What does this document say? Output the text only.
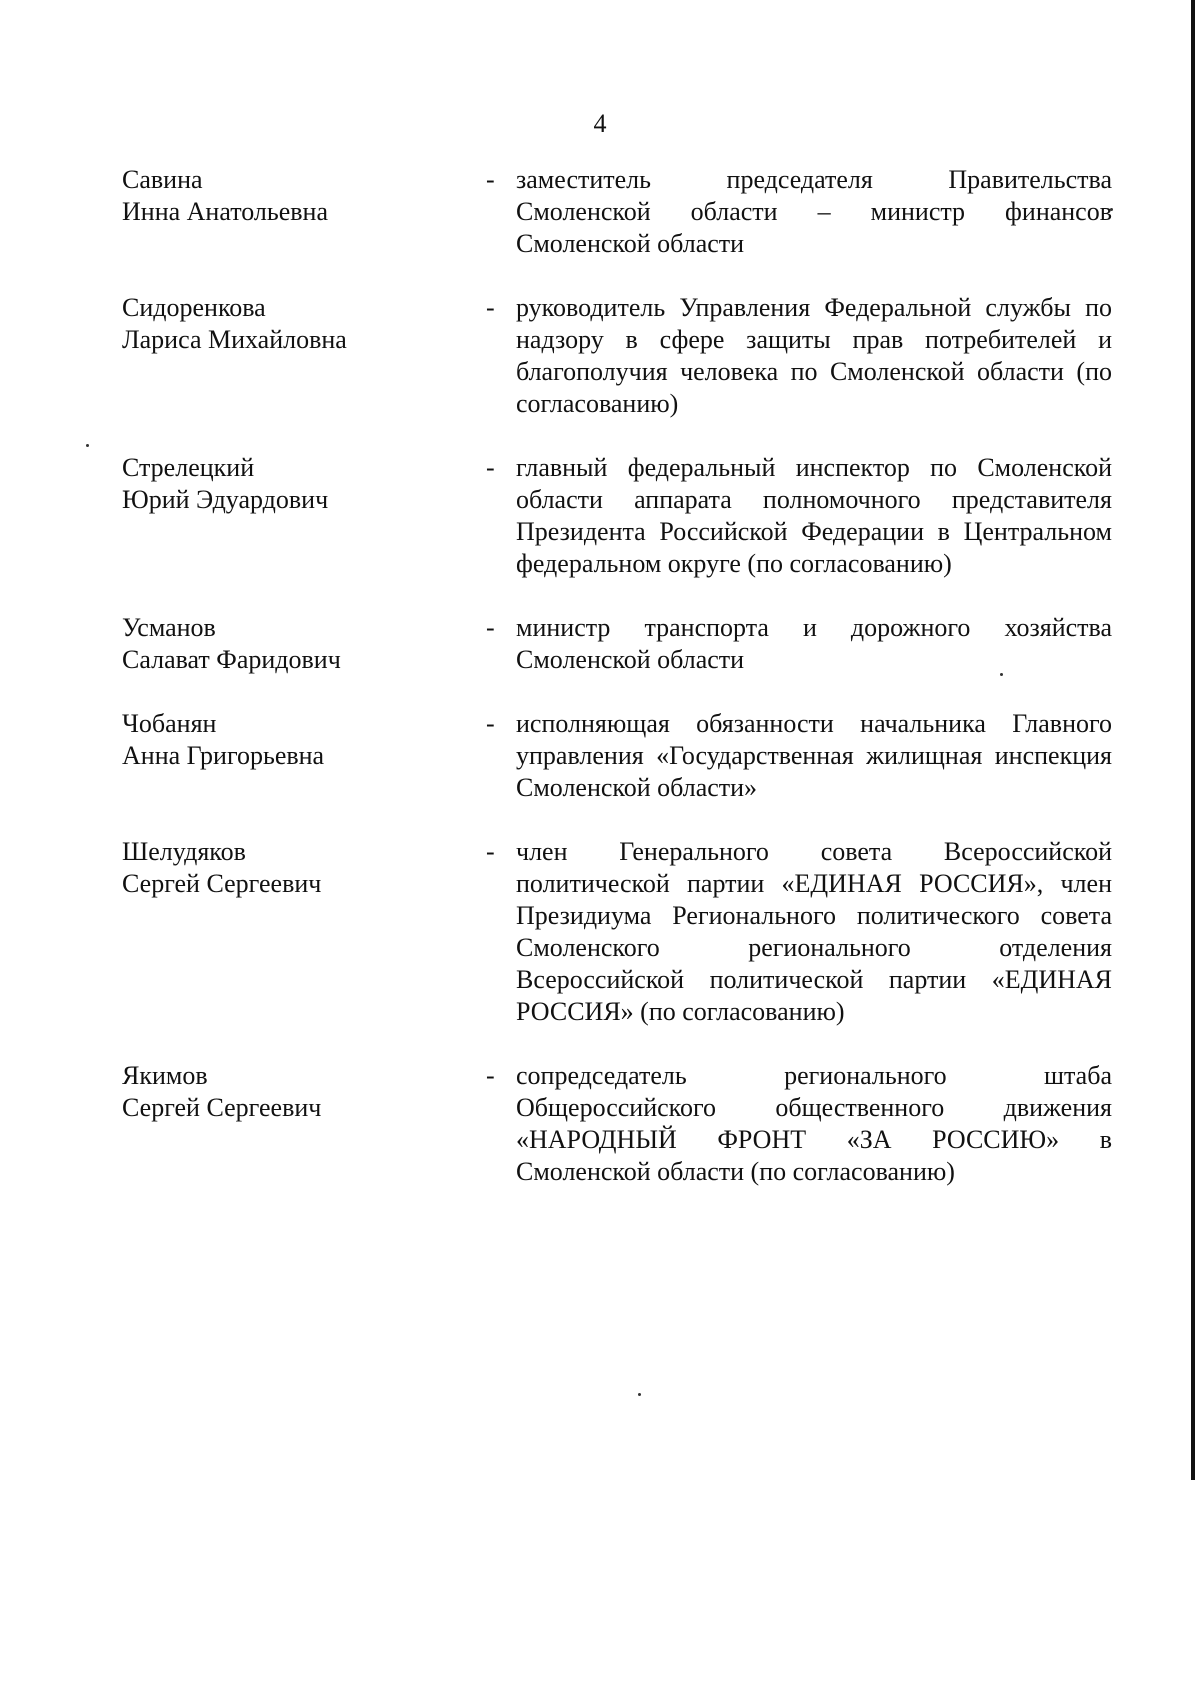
4
Савина
Инна Анатольевна
- заместитель председателя Правительства Смоленской области – министр финансов Смоленской области
Сидоренкова
Лариса Михайловна
- руководитель Управления Федеральной службы по надзору в сфере защиты прав потребителей и благополучия человека по Смоленской области (по согласованию)
Стрелецкий
Юрий Эдуардович
- главный федеральный инспектор по Смоленской области аппарата полномочного представителя Президента Российской Федерации в Центральном федеральном округе (по согласованию)
Усманов
Салават Фаридович
- министр транспорта и дорожного хозяйства Смоленской области
Чобанян
Анна Григорьевна
- исполняющая обязанности начальника Главного управления «Государственная жилищная инспекция Смоленской области»
Шелудяков
Сергей Сергеевич
- член Генерального совета Всероссийской политической партии «ЕДИНАЯ РОССИЯ», член Президиума Регионального политического совета Смоленского регионального отделения Всероссийской политической партии «ЕДИНАЯ РОССИЯ» (по согласованию)
Якимов
Сергей Сергеевич
- сопредседатель регионального штаба Общероссийского общественного движения «НАРОДНЫЙ ФРОНТ «ЗА РОССИЮ» в Смоленской области (по согласованию)
